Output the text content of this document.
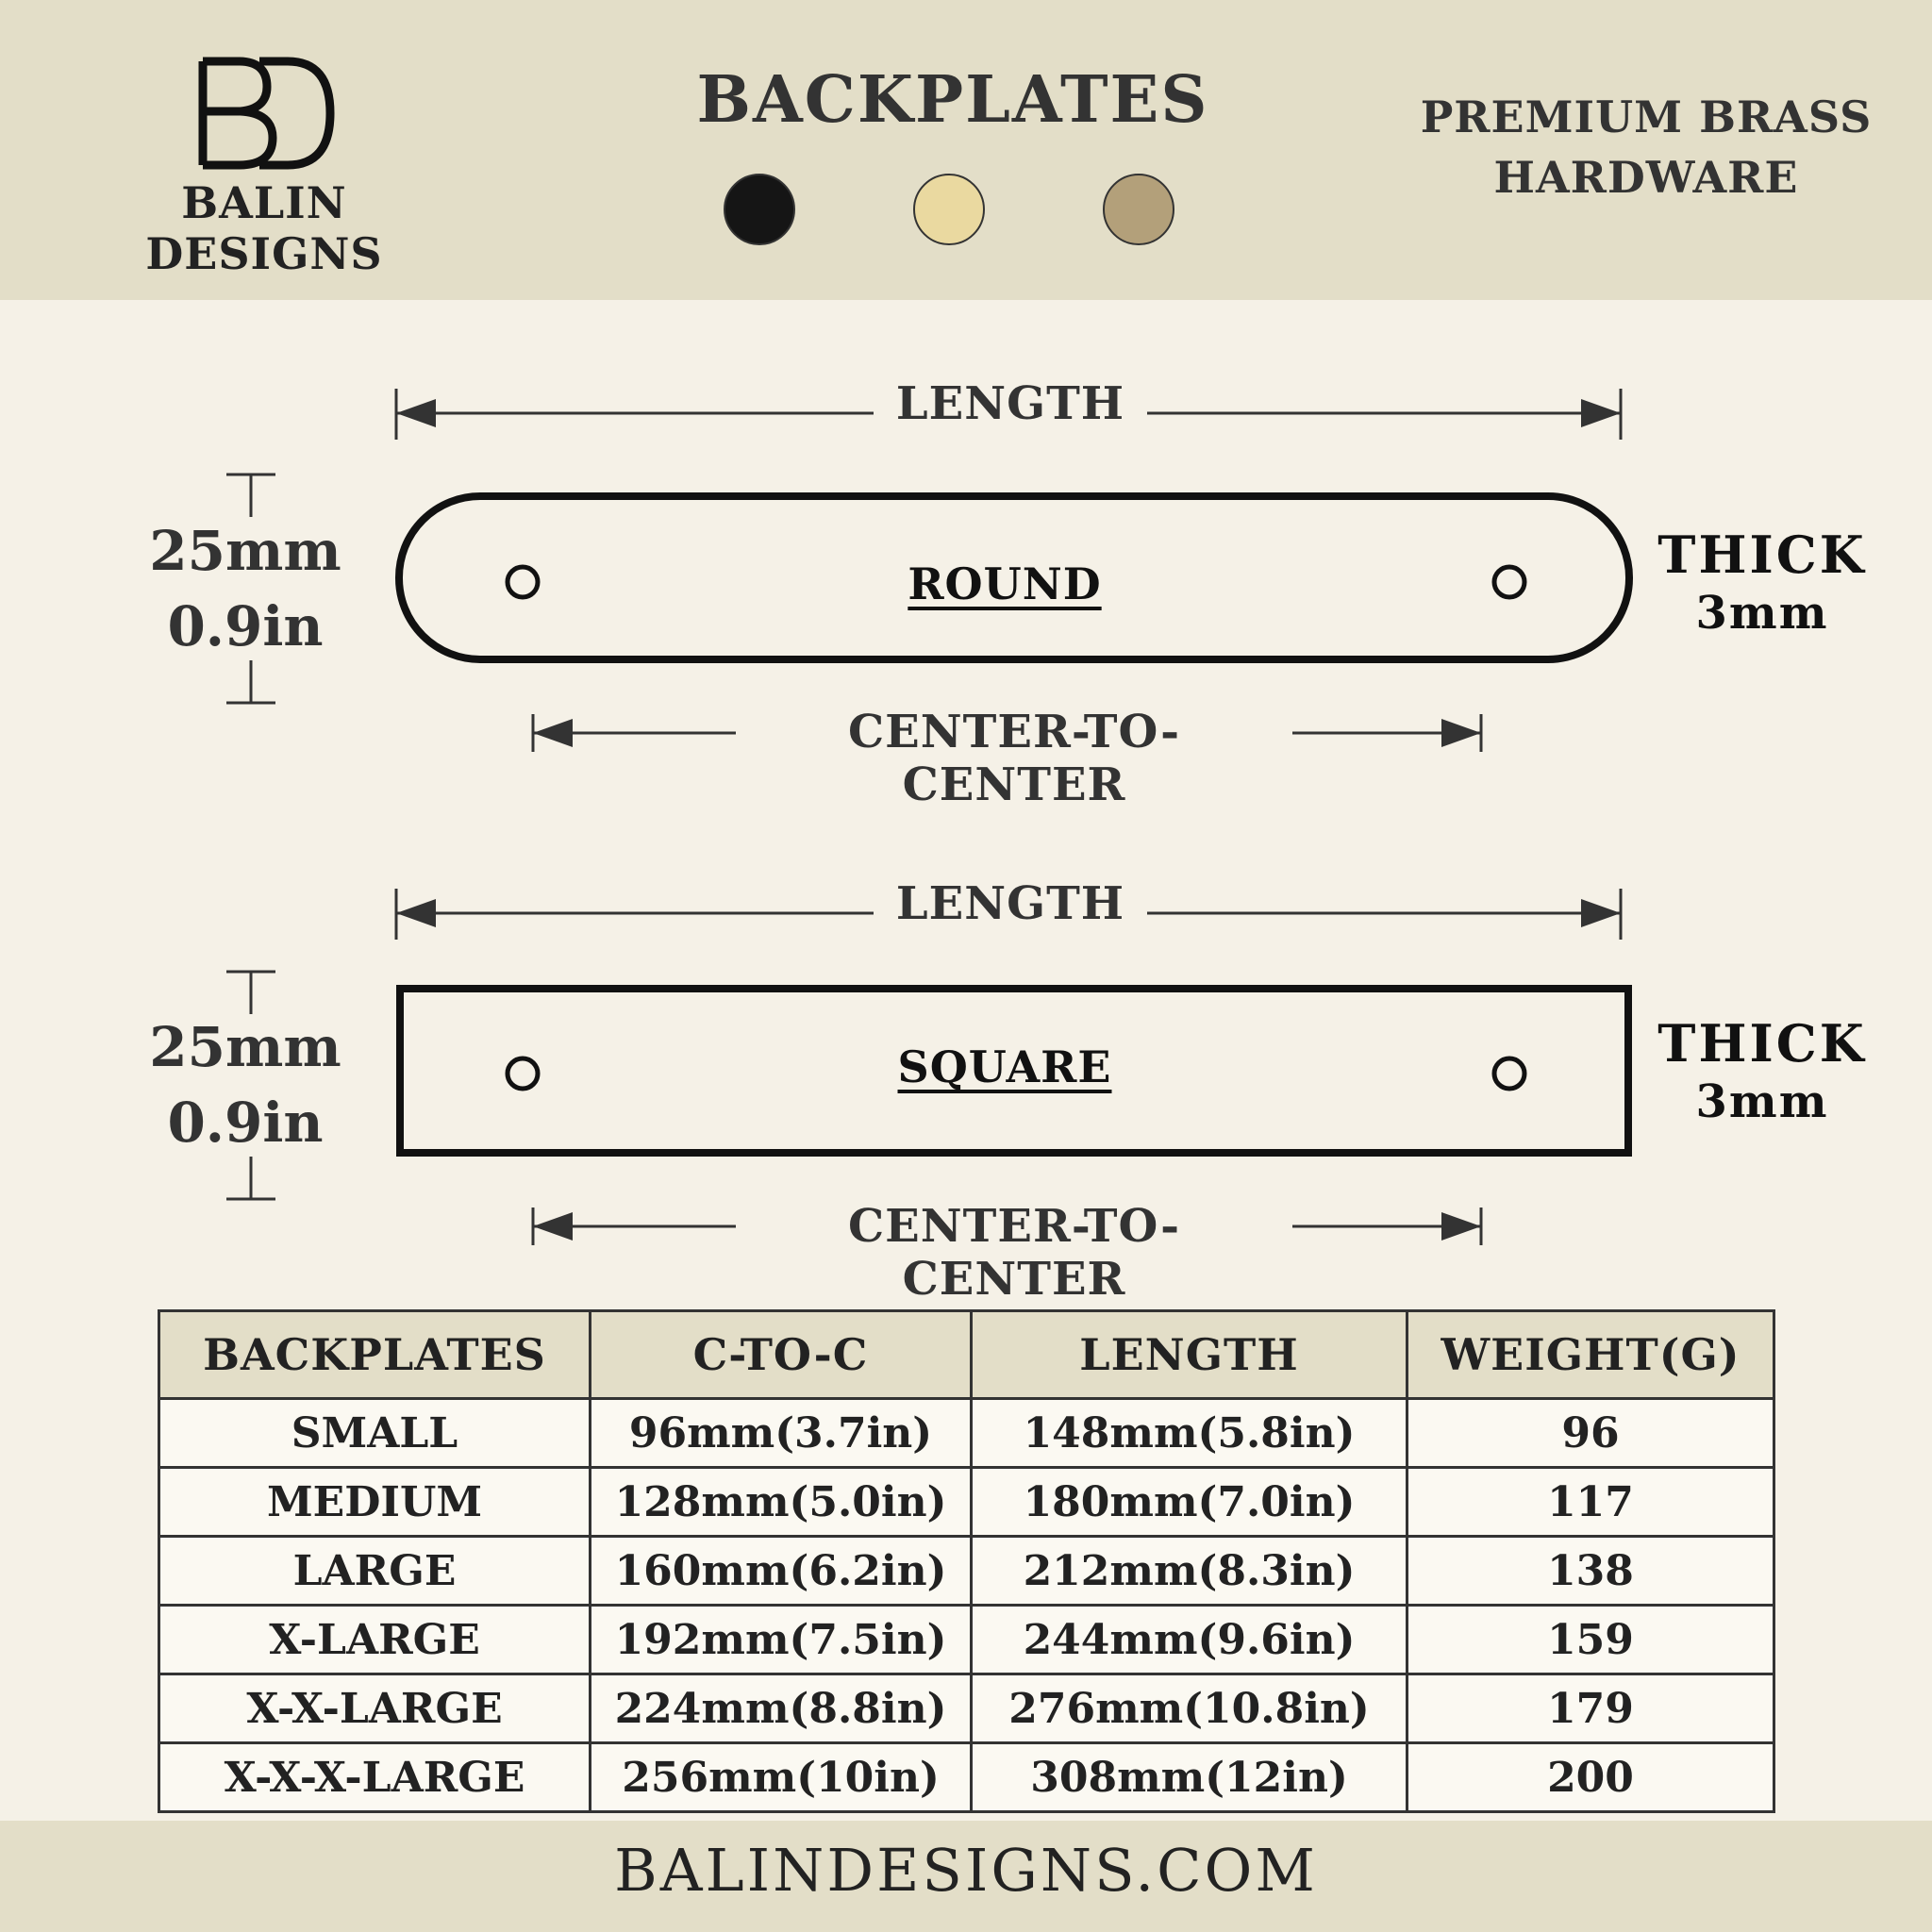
BALIN DESIGNS
BACKPLATES	PREMIUM BRASS
HARDWARE
LENGTH
ROUND
CENTER-TO-CENTER
25mm
0.9in
THICK
3mm
LENGTH
SQUARE
CENTER-TO-CENTER
25mm
0.9in
THICK
3mm
BACKPLATES	C-TO-C	LENGTH	WEIGHT(G)
SMALL	96mm(3.7in)	148mm(5.8in)	96
MEDIUM	128mm(5.0in)	180mm(7.0in)	117
LARGE	160mm(6.2in)	212mm(8.3in)	138
X-LARGE	192mm(7.5in)	244mm(9.6in)	159
X-X-LARGE	224mm(8.8in)	276mm(10.8in)	179
X-X-X-LARGE	256mm(10in)	308mm(12in)	200
BALINDESIGNS.COM
